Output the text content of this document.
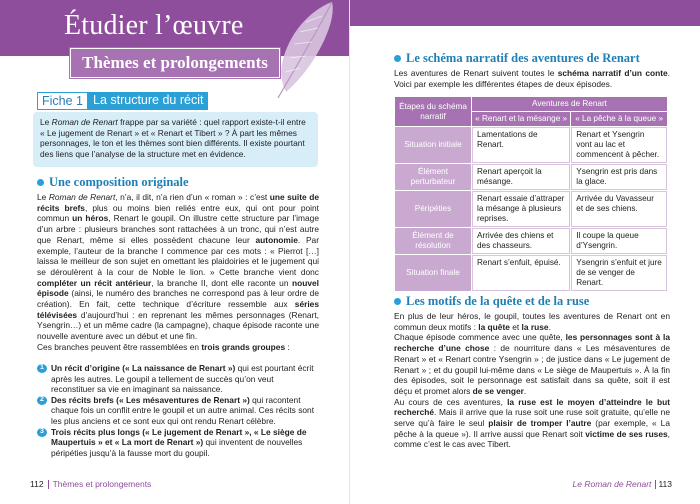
Étudier l’œuvre
Thèmes et prolongements
Fiche 1 La structure du récit
Le Roman de Renart frappe par sa variété : quel rapport existe-t-il entre « Le jugement de Renart » et « Renart et Tibert » ? À part les mêmes personnages, le ton et les thèmes sont bien différents. Il existe pourtant des liens que l’analyse de la structure met en évidence.
Une composition originale

Le Roman de Renart, n’a, il dit, n’a rien d’un « roman » : c’est une suite de récits brefs, plus ou moins bien reliés entre eux, qui ont pour point commun un héros, Renart le goupil. On illustre cette structure par l’image d’un arbre : plusieurs branches sont rattachées à un tronc, qui n’est autre que Renart, même si elles possèdent chacune leur autonomie. Par exemple, l’auteur de la branche I commence par ces mots : « Pierrot […] laissa le meilleur de son sujet en omettant les plaidoiries et le jugement qui se déroulèrent à la cour de Noble le lion. » Cette branche vient donc compléter un récit antérieur, la branche II, dont elle raconte un nouvel épisode (ainsi, le numéro des branches ne correspond pas à leur ordre de création). En fait, cette technique d’écriture ressemble aux séries télévisées d’aujourd’hui : en reprenant les mêmes personnages (Renart, Ysengrin…) et un même cadre (la campagne), chaque épisode raconte une nouvelle aventure avec un début et une fin.

Ces branches peuvent être rassemblées en trois grands groupes :

1 Un récit d’origine (« La naissance de Renart ») qui est pourtant écrit après les autres. Le goupil a tellement de succès qu’on veut reconstituer sa vie en imaginant sa naissance.
2 Des récits brefs (« Les mésaventures de Renart ») qui racontent chaque fois un conflit entre le goupil et un autre animal. Ces récits sont les plus anciens et ce sont eux qui ont rendu Renart célèbre.
3 Trois récits plus longs (« Le jugement de Renart », « Le siège de Maupertuis » et « La mort de Renart ») qui inventent de nouvelles péripéties jusqu’à la fausse mort du goupil.
112 Thèmes et prolongements
Le schéma narratif des aventures de Renart

Les aventures de Renart suivent toutes le schéma narratif d’un conte. Voici par exemple les différentes étapes de deux épisodes.

Étapes du schéma narratif	Aventures de Renart	
	« Renart et la mésange »	« La pêche à la queue »
Situation initiale	Lamentations de Renart.	Renart et Ysengrin vont au lac et commencent à pêcher.
Élément perturbateur	Renart aperçoit la mésange.	Ysengrin est pris dans la glace.
Péripéties	Renart essaie d’attraper la mésange à plusieurs reprises.	Arrivée du Vavasseur et de ses chiens.
Élément de résolution	Arrivée des chiens et des chasseurs.	Il coupe la queue d’Ysengrin.
Situation finale	Renart s’enfuit, épuisé.	Ysengrin s’enfuit et jure de se venger de Renart.
Les motifs de la quête et de la ruse

En plus de leur héros, le goupil, toutes les aventures de Renart ont en commun deux motifs : la quête et la ruse.

Chaque épisode commence avec une quête, les personnages sont à la recherche d’une chose : de nourriture dans « Les mésaventures de Renart » et « Renart contre Ysengrin » ; de justice dans « Le jugement de Renart » ; et du goupil lui-même dans « Le siège de Maupertuis ». À la fin des épisodes, soit le personnage est satisfait dans sa quête, soit il est déçu et promet alors de se venger.

Au cours de ces aventures, la ruse est le moyen d’atteindre le but recherché. Mais il arrive que la ruse soit une ruse soit gratuite, qu’elle ne serve qu’à faire le seul plaisir de tromper l’autre (par exemple, « La pêche à la queue »). Il arrive aussi que Renart soit victime de ses ruses, comme c’est le cas avec Tibert.

Le Roman de Renart 113
